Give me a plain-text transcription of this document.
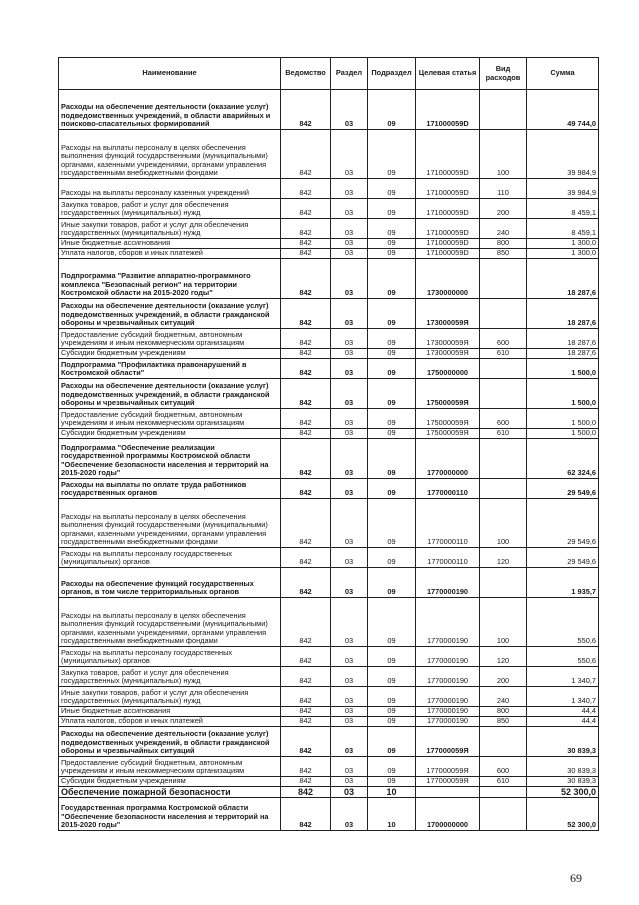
Наименование	Ведомство	Раздел	Подраздел	Целевая статья	Вид расходов	Сумма
Расходы на обеспечение деятельности (оказание услуг) подведомственных учреждений, в области аварийных и поисково-спасательных формирований	842	03	09	171000059D		49 744,0
Расходы на выплаты персоналу в целях обеспечения выполнения функций государственными (муниципальными) органами, казенными учреждениями, органами управления государственными внебюджетными фондами	842	03	09	171000059D	100	39 984,9
Расходы на выплаты персоналу казенных учреждений	842	03	09	171000059D	110	39 984,9
Закупка товаров, работ и услуг для обеспечения государственных (муниципальных) нужд	842	03	09	171000059D	200	8 459,1
Иные закупки товаров, работ и услуг для обеспечения государственных (муниципальных) нужд	842	03	09	171000059D	240	8 459,1
Иные бюджетные ассигнования	842	03	09	171000059D	800	1 300,0
Уплата налогов, сборов и иных платежей	842	03	09	171000059D	850	1 300,0
Подпрограмма "Развитие аппаратно-программного комплекса "Безопасный регион" на территории Костромской области на 2015-2020 годы"	842	03	09	1730000000		18 287,6
Расходы на обеспечение деятельности (оказание услуг) подведомственных учреждений, в области гражданской обороны и чрезвычайных ситуаций	842	03	09	173000059Я		18 287,6
Предоставление субсидий бюджетным, автономным учреждениям и иным некоммерческим организациям	842	03	09	173000059Я	600	18 287,6
Субсидии бюджетным учреждениям	842	03	09	173000059Я	610	18 287,6
Подпрограмма "Профилактика правонарушений в Костромской области"	842	03	09	1750000000		1 500,0
Расходы на обеспечение деятельности (оказание услуг) подведомственных учреждений, в области гражданской обороны и чрезвычайных ситуаций	842	03	09	175000059Я		1 500,0
Предоставление субсидий бюджетным, автономным учреждениям и иным некоммерческим организациям	842	03	09	175000059Я	600	1 500,0
Субсидии бюджетным учреждениям	842	03	09	175000059Я	610	1 500,0
Подпрограмма "Обеспечение реализации государственной программы Костромской области "Обеспечение безопасности населения и территорий на 2015-2020 годы"	842	03	09	1770000000		62 324,6
Расходы на выплаты по оплате труда работников государственных органов	842	03	09	1770000110		29 549,6
Расходы на выплаты персоналу в целях обеспечения выполнения функций государственными (муниципальными) органами, казенными учреждениями, органами управления государственными внебюджетными фондами	842	03	09	1770000110	100	29 549,6
Расходы на выплаты персоналу государственных (муниципальных) органов	842	03	09	1770000110	120	29 549,6
Расходы на обеспечение функций государственных органов, в том числе территориальных органов	842	03	09	1770000190		1 935,7
Расходы на выплаты персоналу в целях обеспечения выполнения функций государственными (муниципальными) органами, казенными учреждениями, органами управления государственными внебюджетными фондами	842	03	09	1770000190	100	550,6
Расходы на выплаты персоналу государственных (муниципальных) органов	842	03	09	1770000190	120	550,6
Закупка товаров, работ и услуг для обеспечения государственных (муниципальных) нужд	842	03	09	1770000190	200	1 340,7
Иные закупки товаров, работ и услуг для обеспечения государственных (муниципальных) нужд	842	03	09	1770000190	240	1 340,7
Иные бюджетные ассигнования	842	03	09	1770000190	800	44,4
Уплата налогов, сборов и иных платежей	842	03	09	1770000190	850	44,4
Расходы на обеспечение деятельности (оказание услуг) подведомственных учреждений, в области гражданской обороны и чрезвычайных ситуаций	842	03	09	177000059Я		30 839,3
Предоставление субсидий бюджетным, автономным учреждениям и иным некоммерческим организациям	842	03	09	177000059Я	600	30 839,3
Субсидии бюджетным учреждениям	842	03	09	177000059Я	610	30 839,3
Обеспечение пожарной безопасности	842	03	10			52 300,0
Государственная программа Костромской области "Обеспечение безопасности населения и территорий на 2015-2020 годы"	842	03	10	1700000000		52 300,0
69
